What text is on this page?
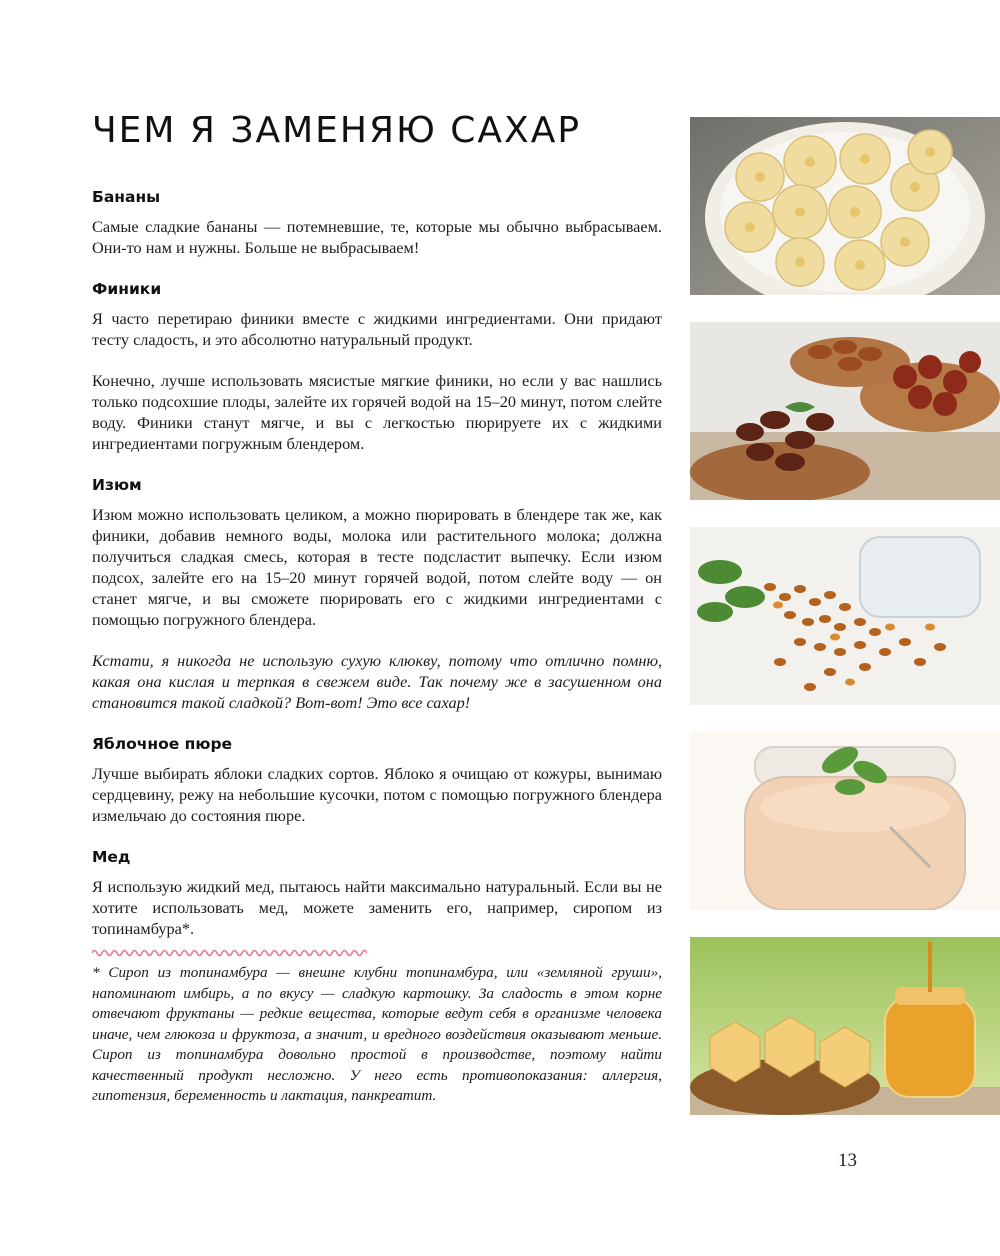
ЧЕМ Я ЗАМЕНЯЮ САХАР
Бананы

Самые сладкие бананы — потемневшие, те, которые мы обычно выбрасываем. Они-то нам и нужны. Больше не выбрасываем!

Финики

Я часто перетираю финики вместе с жидкими ингредиентами. Они придают тесту сладость, и это абсолютно натуральный продукт.

Конечно, лучше использовать мясистые мягкие финики, но если у вас нашлись только подсохшие плоды, залейте их горячей водой на 15–20 минут, потом слейте воду. Финики станут мягче, и вы с легкостью пюрируете их с жидкими ингредиентами погружным блендером.

Изюм

Изюм можно использовать целиком, а можно пюрировать в блендере так же, как финики, добавив немного воды, молока или растительного молока; должна получиться сладкая смесь, которая в тесте подсластит выпечку. Если изюм подсох, залейте его на 15–20 минут горячей водой, потом слейте воду — он станет мягче, и вы сможете пюрировать его с жидкими ингредиентами с помощью погружного блендера.

Кстати, я никогда не использую сухую клюкву, потому что отлично помню, какая она кислая и терпкая в свежем виде. Так почему же в засушенном она становится такой сладкой? Вот-вот! Это все сахар!

Яблочное пюре

Лучше выбирать яблоки сладких сортов. Яблоко я очищаю от кожуры, вынимаю сердцевину, режу на небольшие кусочки, потом с помощью погружного блендера измельчаю до состояния пюре.

Мед

Я использую жидкий мед, пытаюсь найти максимально натуральный. Если вы не хотите использовать мед, можете заменить его, например, сиропом из топинамбура*.

* Сироп из топинамбура — внешне клубни топинамбура, или «земляной груши», напоминают имбирь, а по вкусу — сладкую картошку. За сладость в этом корне отвечают фруктаны — редкие вещества, которые ведут себя в организме человека иначе, чем глюкоза и фруктоза, а значит, и вредного воздействия оказывают меньше. Сироп из топинамбура довольно простой в производстве, поэтому найти качественный продукт несложно. У него есть противопоказания: аллергия, гипотензия, беременность и лактация, панкреатит.

13
